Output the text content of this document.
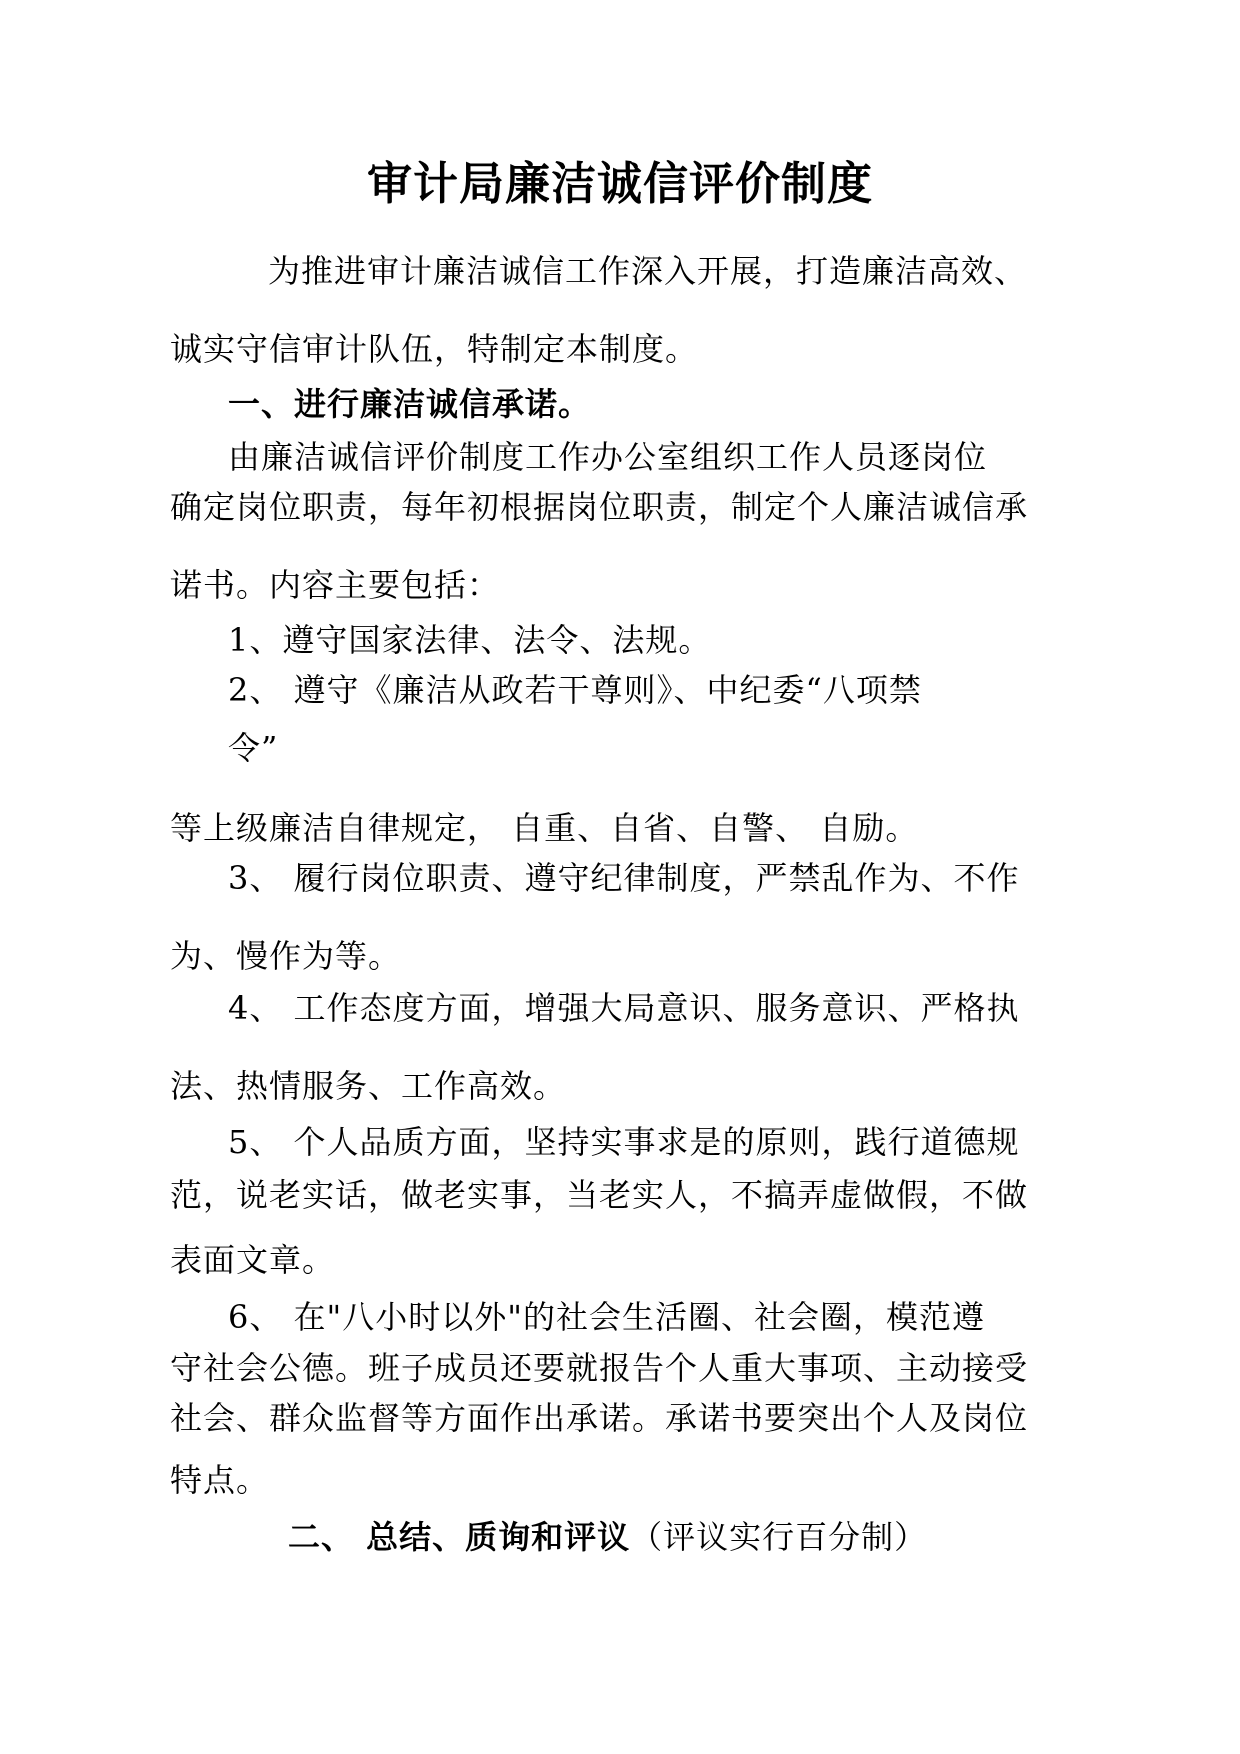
审计局廉洁诚信评价制度
为推进审计廉洁诚信工作深入开展，打造廉洁高效、
诚实守信审计队伍，特制定本制度。
一、进行廉洁诚信承诺。
由廉洁诚信评价制度工作办公室组织工作人员逐岗位
确定岗位职责，每年初根据岗位职责，制定个人廉洁诚信承
诺书。内容主要包括：
1、遵守国家法律、法令、法规。
2、 遵守《廉洁从政若干尊则》、中纪委“八项禁
令”
等上级廉洁自律规定， 自重、自省、自警、 自励。
3、 履行岗位职责、遵守纪律制度，严禁乱作为、不作
为、慢作为等。
4、 工作态度方面，增强大局意识、服务意识、严格执
法、热情服务、工作高效。
5、 个人品质方面，坚持实事求是的原则，践行道德规
范，说老实话，做老实事，当老实人，不搞弄虚做假，不做
表面文章。
6、 在"八小时以外"的社会生活圈、社会圈，模范遵
守社会公德。班子成员还要就报告个人重大事项、主动接受
社会、群众监督等方面作出承诺。承诺书要突出个人及岗位
特点。
二、 总结、质询和评议（评议实行百分制）
